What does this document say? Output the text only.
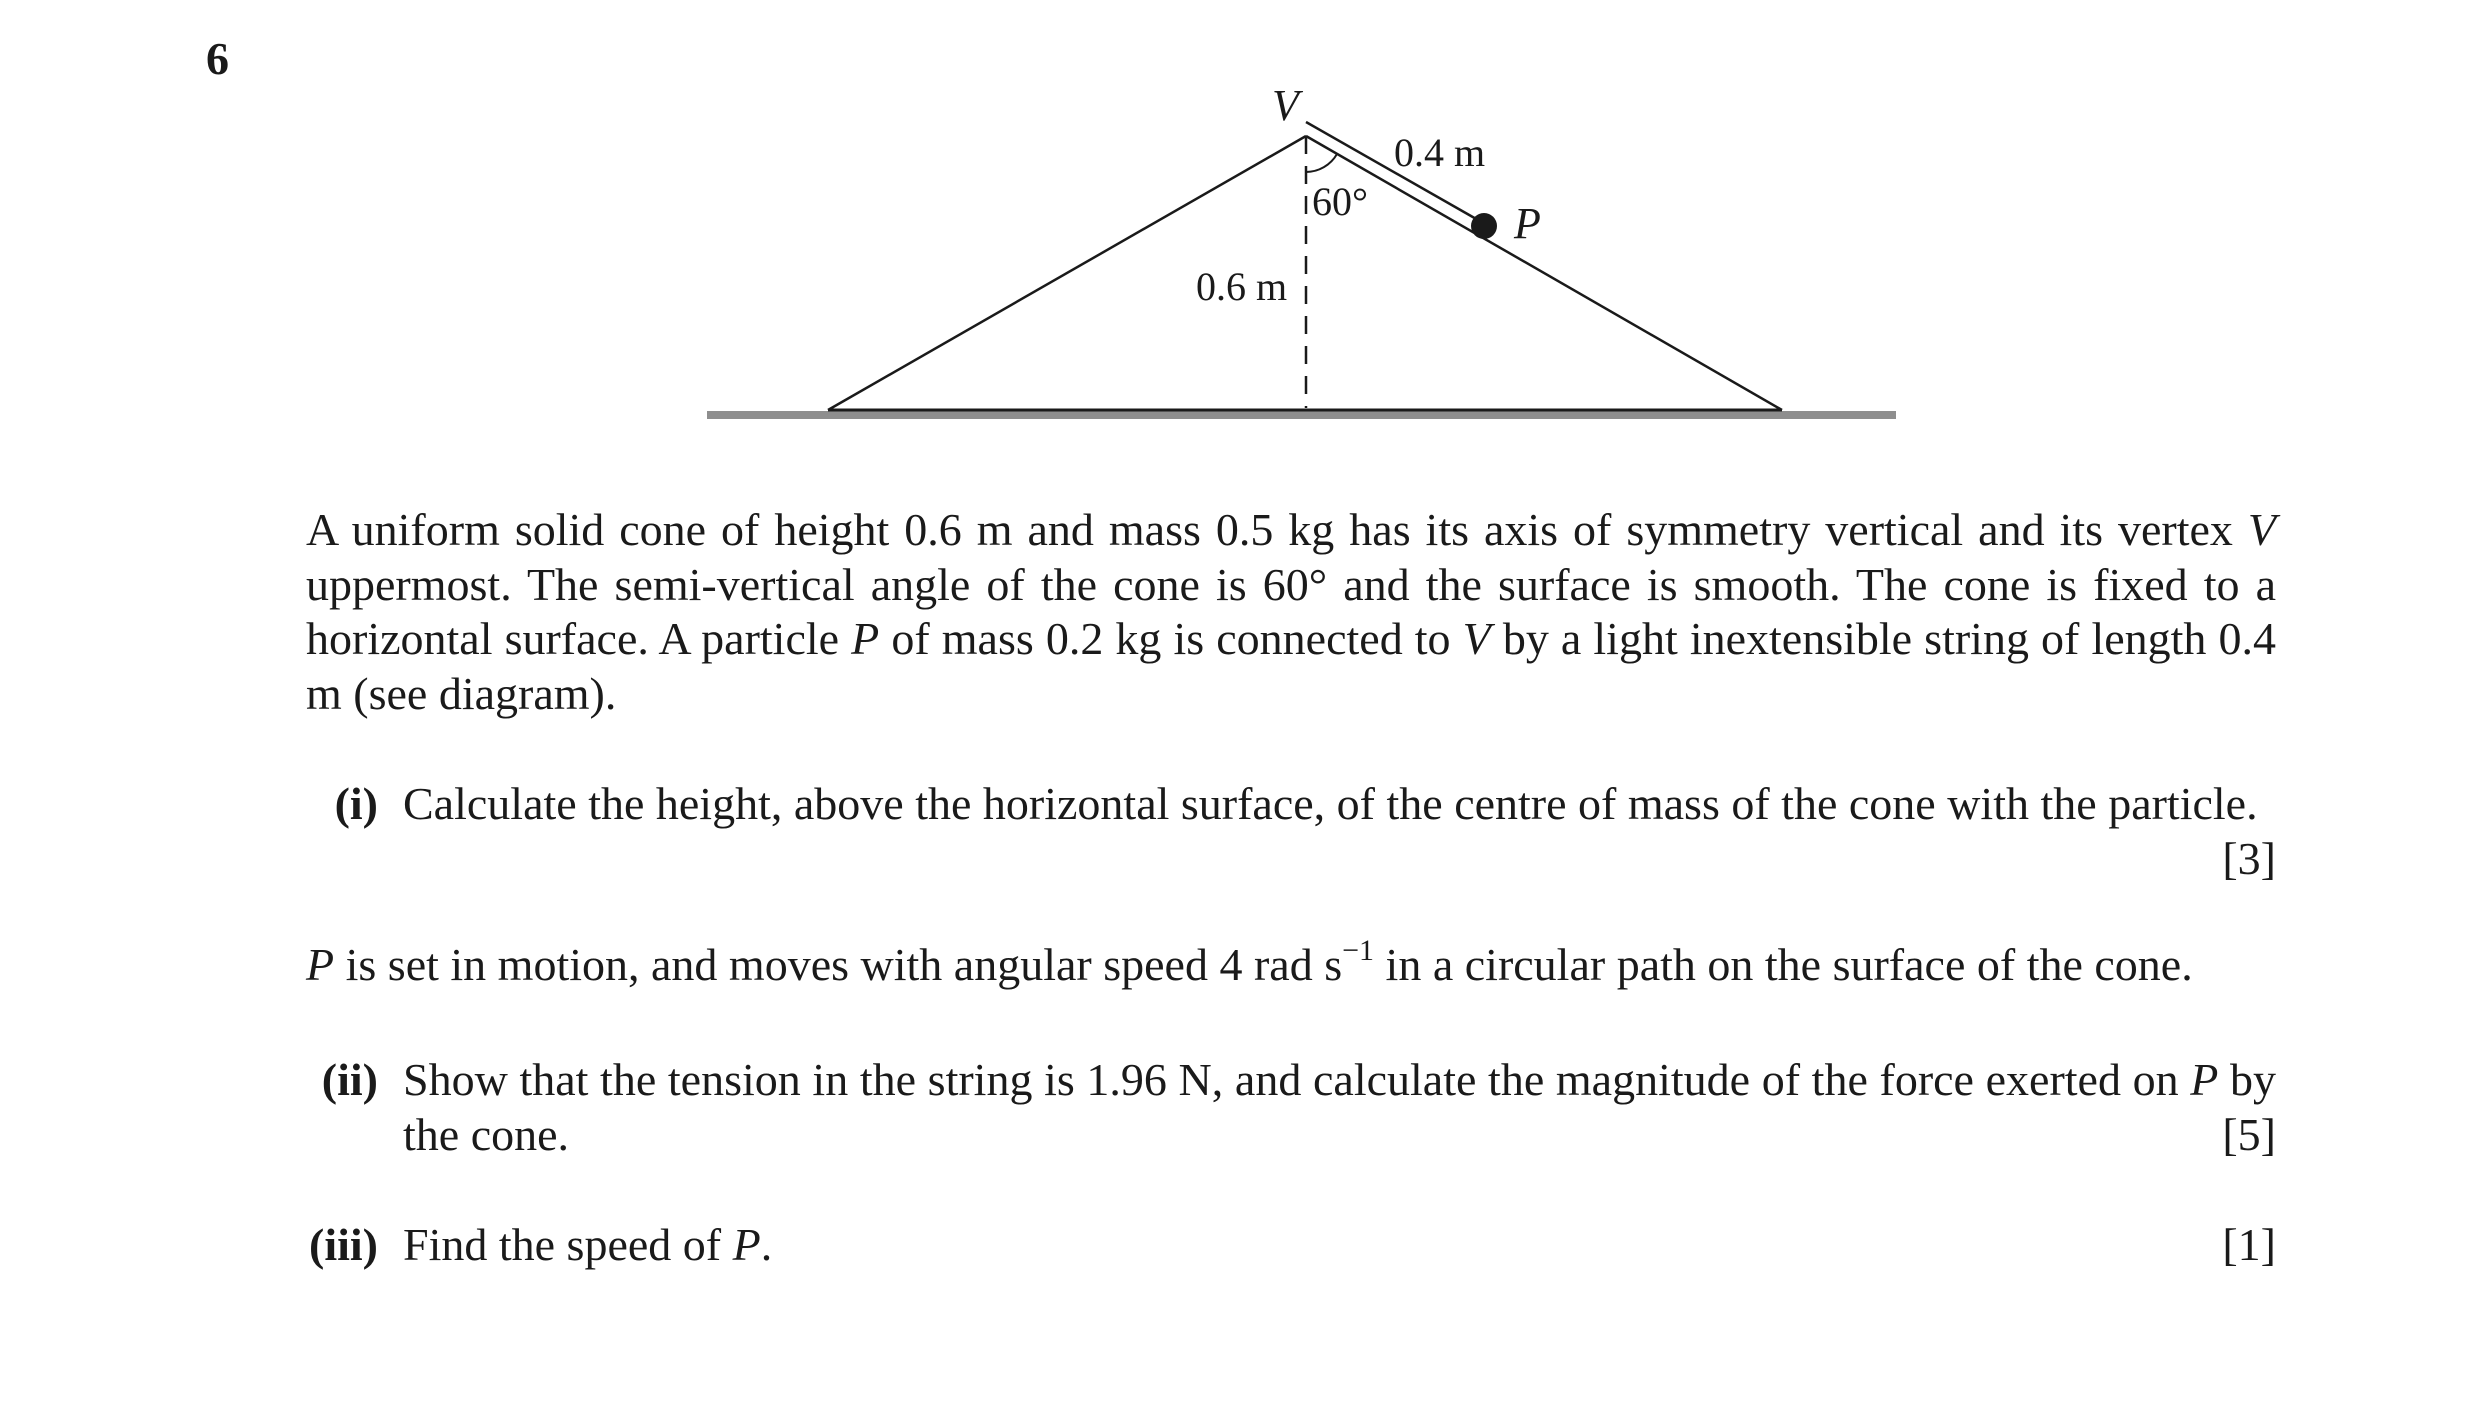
6
V
0.4 m
P
60°
0.6 m
A uniform solid cone of height 0.6 m and mass 0.5 kg has its axis of symmetry vertical and its vertex V uppermost. The semi-vertical angle of the cone is 60° and the surface is smooth. The cone is fixed to a horizontal surface. A particle P of mass 0.2 kg is connected to V by a light inextensible string of length 0.4 m (see diagram).
(i) Calculate the height, above the horizontal surface, of the centre of mass of the cone with the particle.
[3]
P is set in motion, and moves with angular speed 4 rad $s^{-1}$ in a circular path on the surface of the cone.
(ii) Show that the tension in the string is 1.96 N, and calculate the magnitude of the force exerted on P by the cone.	[5]
(iii) Find the speed of P.	[1]
